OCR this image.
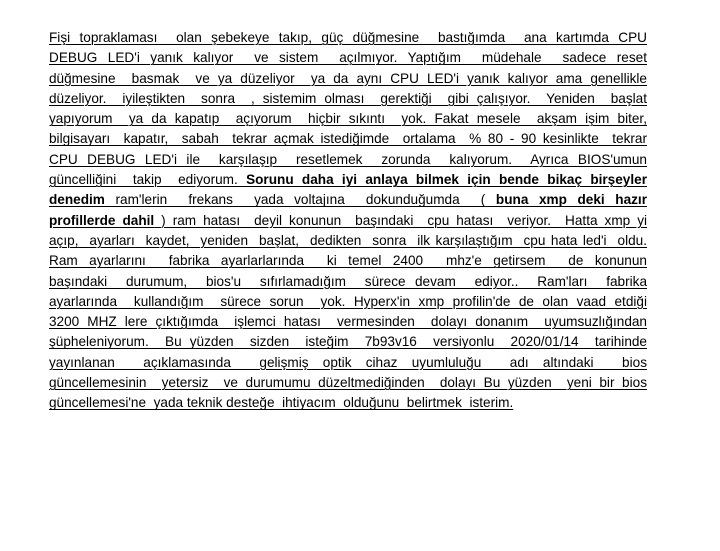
Fişi topraklaması  olan şebekeye takıp, güç düğmesine  bastığımda  ana kartımda CPU
DEBUG LED'i yanık kalıyor  ve sistem  açılmıyor. Yaptığım  müdehale  sadece reset
düğmesine  basmak  ve ya düzeliyor  ya da aynı CPU LED'i yanık kalıyor ama genellikle
düzeliyor.  iyileştikten  sonra  , sistemim olması  gerektiği  gibi çalışıyor.  Yeniden  başlat
yapıyorum  ya da kapatıp  açıyorum  hiçbir sıkıntı  yok. Fakat mesele  akşam işim biter,
bilgisayarı  kapatır,  sabah  tekrar açmak istediğimde  ortalama  % 80 - 90 kesinlikte  tekrar
CPU DEBUG LED'i ile  karşılaşıp  resetlemek  zorunda  kalıyorum.  Ayrıca BIOS'umun
güncelliğini  takip  ediyorum. Sorunu daha iyi anlaya bilmek için bende bikaç birşeyler
denedim ram'lerin  frekans  yada voltajına  dokunduğumda  ( buna xmp deki hazır
profillerde dahil ) ram hatası  deyil konunun  başındaki  cpu hatası  veriyor.  Hatta xmp yi
açıp,  ayarları  kaydet,  yeniden  başlat,  dedikten  sonra  ilk karşılaştığım  cpu hata led'i  oldu.
Ram ayarlarını  fabrika ayarlarlarında  ki temel 2400  mhz'e getirsem  de konunun
başındaki  durumum,  bios'u  sıfırlamadığım  sürece devam  ediyor..  Ram'ları  fabrika
ayarlarında  kullandığım  sürece sorun  yok. Hyperx'in xmp profilin'de de olan vaad etdiği
3200 MHZ lere çıktığımda  işlemci hatası  vermesinden  dolayı donanım  uyumsuzlığından
şüpheleniyorum.  Bu yüzden  sizden  isteğim  7b93v16  versiyonlu  2020/01/14  tarihinde
yayınlanan  açıklamasında  gelişmiş optik cihaz uyumluluğu  adı altındaki  bios
güncellemesinin  yetersiz  ve durumumu düzeltmediğinden  dolayı Bu yüzden  yeni bir bios
güncellemesi'ne  yada teknik desteğe  ihtiyacım  olduğunu  belirtmek  isterim.
